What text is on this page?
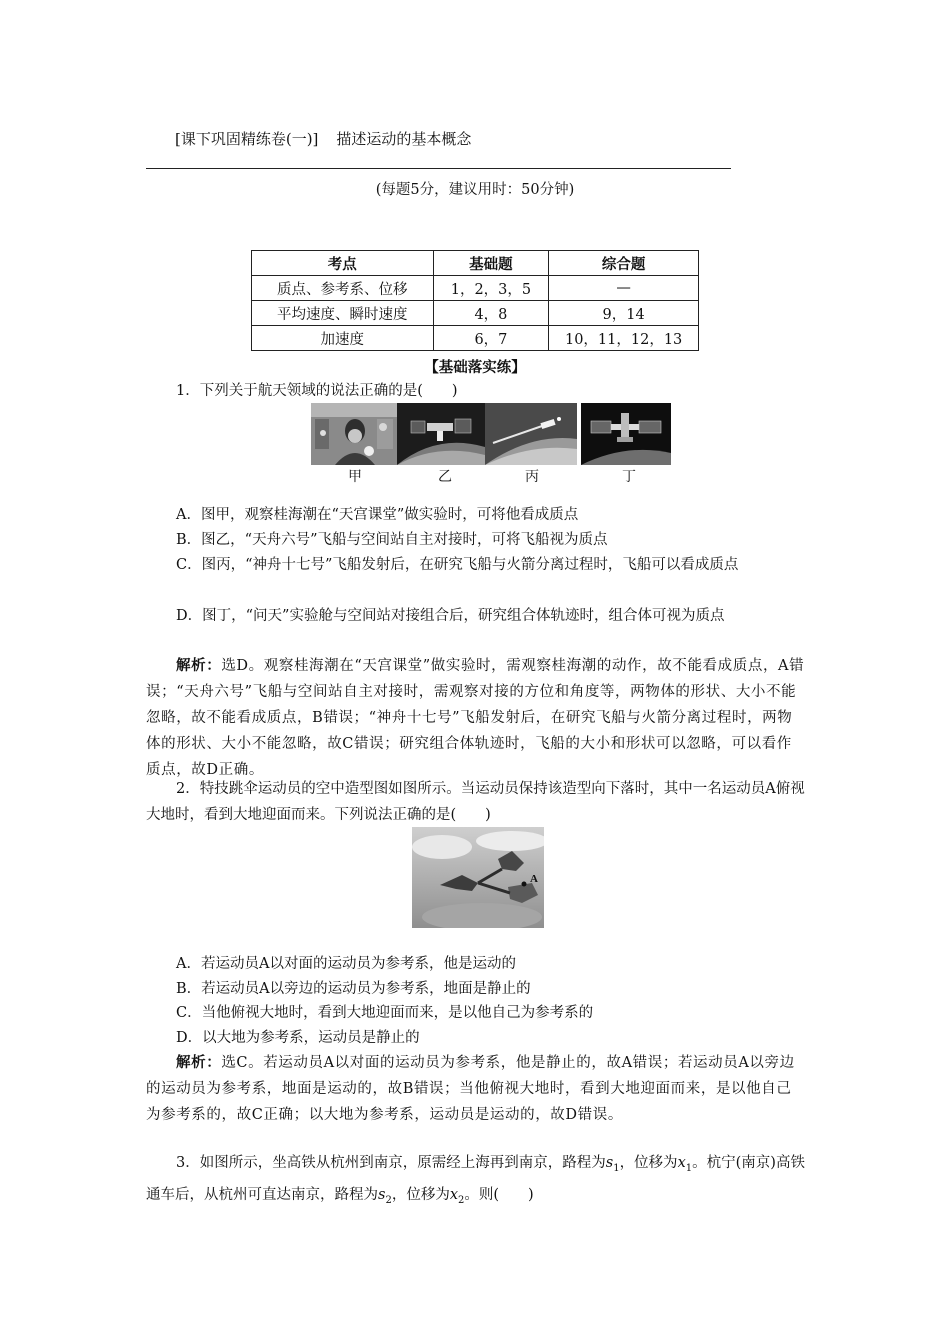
[课下巩固精练卷(一)] 描述运动的基本概念
(每题5分，建议用时：50分钟)
考点	基础题	综合题
质点、参考系、位移	1，2，3，5	—
平均速度、瞬时速度	4，8	9，14
加速度	6，7	10，11，12，13
【基础落实练】

1．下列关于航天领域的说法正确的是(　　)

甲	乙	丙	丁

A．图甲，观察桂海潮在“天宫课堂”做实验时，可将他看成质点

B．图乙，“天舟六号”飞船与空间站自主对接时，可将飞船视为质点

C．图丙，“神舟十七号”飞船发射后，在研究飞船与火箭分离过程时，飞船可以看成质点

D．图丁，“问天”实验舱与空间站对接组合后，研究组合体轨迹时，组合体可视为质点

解析：选D。观察桂海潮在“天宫课堂”做实验时，需观察桂海潮的动作，故不能看成质点，A错误；“天舟六号”飞船与空间站自主对接时，需观察对接的方位和角度等，两物体的形状、大小不能忽略，故不能看成质点，B错误；“神舟十七号”飞船发射后，在研究飞船与火箭分离过程时，两物体的形状、大小不能忽略，故C错误；研究组合体轨迹时，飞船的大小和形状可以忽略，可以看作质点，故D正确。

2．特技跳伞运动员的空中造型图如图所示。当运动员保持该造型向下落时，其中一名运动员A俯视大地时，看到大地迎面而来。下列说法正确的是(　　)

A

A．若运动员A以对面的运动员为参考系，他是运动的

B．若运动员A以旁边的运动员为参考系，地面是静止的

C．当他俯视大地时，看到大地迎面而来，是以他自己为参考系的

D．以大地为参考系，运动员是静止的

解析：选C。若运动员A以对面的运动员为参考系，他是静止的，故A错误；若运动员A以旁边的运动员为参考系，地面是运动的，故B错误；当他俯视大地时，看到大地迎面而来，是以他自己为参考系的，故C正确；以大地为参考系，运动员是运动的，故D错误。

3．如图所示，坐高铁从杭州到南京，原需经上海再到南京，路程为$s_1$，位移为$x_1$。杭宁(南京)高铁通车后，从杭州可直达南京，路程为$s_2$，位移为$x_2$。则(　　)
